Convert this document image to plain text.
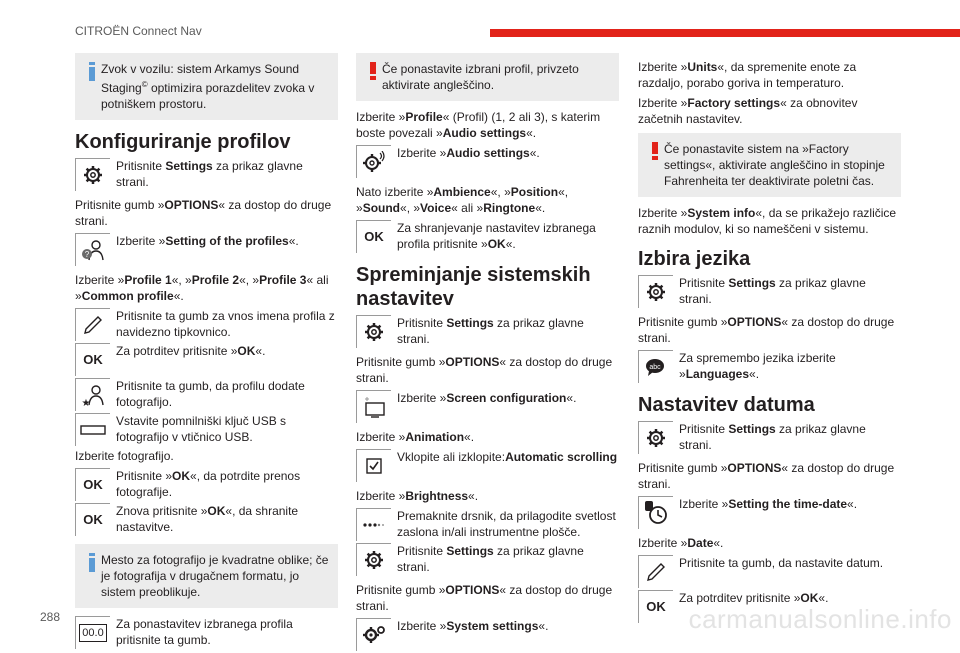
CITROËN Connect Nav
Zvok v vozilu: sistem Arkamys Sound Staging© optimizira porazdelitev zvoka v potniškem prostoru.
Konfiguriranje profilov
Pritisnite Settings za prikaz glavne strani.
Pritisnite gumb »OPTIONS« za dostop do druge strani.
?
Izberite »Setting of the profiles«.
Izberite »Profile 1«, »Profile 2«, »Profile 3« ali »Common profile«.
Pritisnite ta gumb za vnos imena profila z navidezno tipkovnico.
OK
Za potrditev pritisnite »OK«.
★
Pritisnite ta gumb, da profilu dodate fotografijo.
Vstavite pomnilniški ključ USB s fotografijo v vtičnico USB.
Izberite fotografijo.
OK
Pritisnite »OK«, da potrdite prenos fotografije.
OK
Znova pritisnite »OK«, da shranite nastavitve.
Mesto za fotografijo je kvadratne oblike; če je fotografija v drugačnem formatu, jo sistem preoblikuje.
00.0
Za ponastavitev izbranega profila pritisnite ta gumb.
Če ponastavite izbrani profil, privzeto aktivirate angleščino.
Izberite »Profile« (Profil) (1, 2 ali 3), s katerim boste povezali »Audio settings«.
Izberite »Audio settings«.
Nato izberite »Ambience«, »Position«, »Sound«, »Voice« ali »Ringtone«.
OK
Za shranjevanje nastavitev izbranega profila pritisnite »OK«.
Spreminjanje sistemskih nastavitev
Pritisnite Settings za prikaz glavne strani.
Pritisnite gumb »OPTIONS« za dostop do druge strani.
Izberite »Screen configuration«.
Izberite »Animation«.
Vklopite ali izklopite:Automatic scrolling
Izberite »Brightness«.
Premaknite drsnik, da prilagodite svetlost zaslona in/ali instrumentne plošče.
Pritisnite Settings za prikaz glavne strani.
Pritisnite gumb »OPTIONS« za dostop do druge strani.
Izberite »System settings«.
Izberite »Units«, da spremenite enote za razdaljo, porabo goriva in temperaturo.
Izberite »Factory settings« za obnovitev začetnih nastavitev.
Če ponastavite sistem na »Factory settings«, aktivirate angleščino in stopinje Fahrenheita ter deaktivirate poletni čas.
Izberite »System info«, da se prikažejo različice raznih modulov, ki so nameščeni v sistemu.
Izbira jezika
Pritisnite Settings za prikaz glavne strani.
Pritisnite gumb »OPTIONS« za dostop do druge strani.
abc
Za spremembo jezika izberite »Languages«.
Nastavitev datuma
Pritisnite Settings za prikaz glavne strani.
Pritisnite gumb »OPTIONS« za dostop do druge strani.
Izberite »Setting the time-date«.
Izberite »Date«.
Pritisnite ta gumb, da nastavite datum.
OK
Za potrditev pritisnite »OK«.
288	carmanualsonline.info
